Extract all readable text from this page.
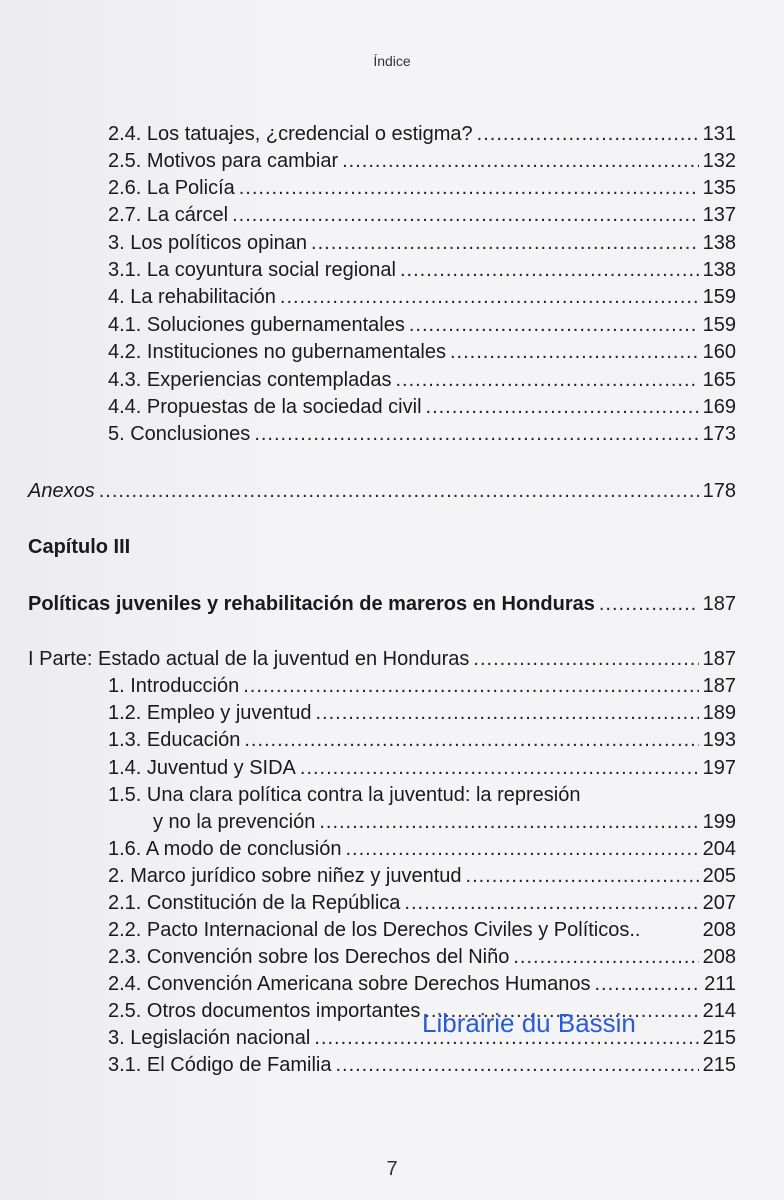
Índice
2.4. Los tatuajes, ¿credencial o estigma? .....	131
2.5. Motivos para cambiar .....	132
2.6. La Policía .....	135
2.7. La cárcel .....	137
3. Los políticos opinan .....	138
3.1. La coyuntura social regional .....	138
4. La rehabilitación .....	159
4.1. Soluciones gubernamentales .....	159
4.2. Instituciones no gubernamentales .....	160
4.3. Experiencias contempladas .....	165
4.4. Propuestas de la sociedad civil .....	169
5. Conclusiones .....	173
Anexos .....	178
Capítulo III
Políticas juveniles y rehabilitación de mareros en Honduras .....	187
I Parte: Estado actual de la juventud en Honduras .....	187
1. Introducción .....	187
1.2. Empleo y juventud .....	189
1.3. Educación .....	193
1.4. Juventud y SIDA .....	197
1.5. Una clara política contra la juventud: la represión
y no la prevención .....	199
1.6. A modo de conclusión .....	204
2. Marco jurídico sobre niñez y juventud .....	205
2.1. Constitución de la República .....	207
2.2. Pacto Internacional de los Derechos Civiles y Políticos..	208
2.3. Convención sobre los Derechos del Niño .....	208
2.4. Convención Americana sobre Derechos Humanos .....	211
2.5. Otros documentos importantes .....	214
3. Legislación nacional .....	215
3.1. El Código de Familia .....	215
Librairie du Bassin
7
